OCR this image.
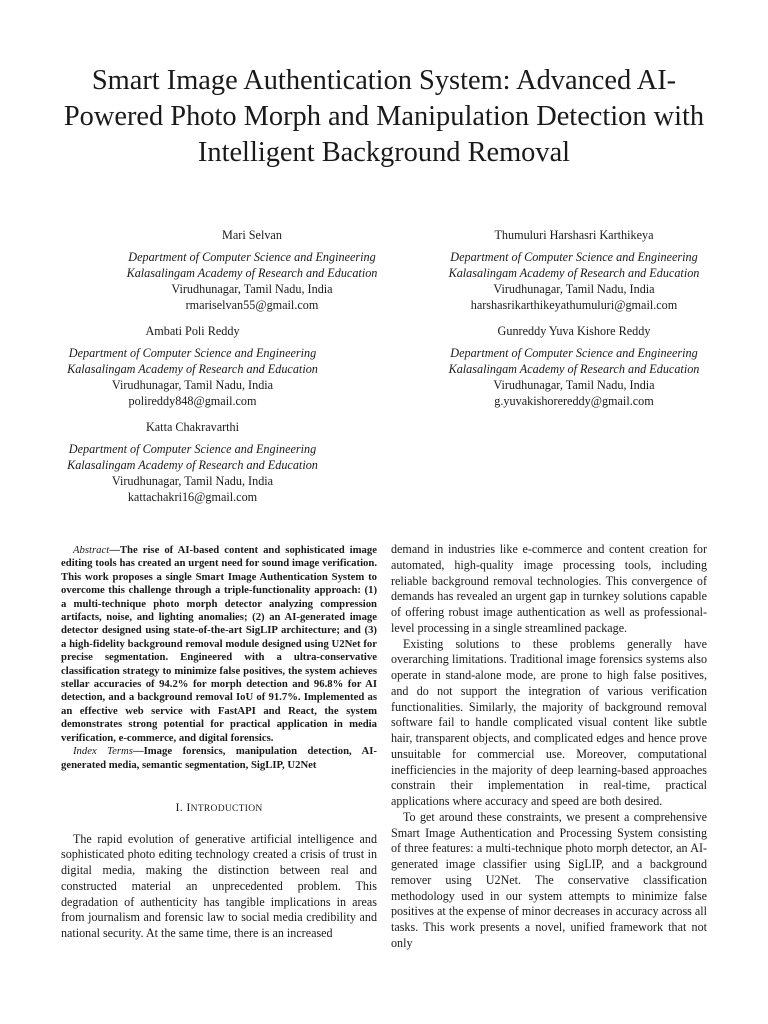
Smart Image Authentication System: Advanced AI-Powered Photo Morph and Manipulation Detection with Intelligent Background Removal
Mari Selvan
Department of Computer Science and Engineering
Kalasalingam Academy of Research and Education
Virudhunagar, Tamil Nadu, India
rmariselvan55@gmail.com
Thumuluri Harshasri Karthikeya
Department of Computer Science and Engineering
Kalasalingam Academy of Research and Education
Virudhunagar, Tamil Nadu, India
harshasrikarthikeyathumuluri@gmail.com
Ambati Poli Reddy
Department of Computer Science and Engineering
Kalasalingam Academy of Research and Education
Virudhunagar, Tamil Nadu, India
polireddy848@gmail.com
Gunreddy Yuva Kishore Reddy
Department of Computer Science and Engineering
Kalasalingam Academy of Research and Education
Virudhunagar, Tamil Nadu, India
g.yuvakishorereddy@gmail.com
Katta Chakravarthi
Department of Computer Science and Engineering
Kalasalingam Academy of Research and Education
Virudhunagar, Tamil Nadu, India
kattachakri16@gmail.com

Abstract—The rise of AI-based content and sophisticated image editing tools has created an urgent need for sound image verification. This work proposes a single Smart Image Authentication System to overcome this challenge through a triple-functionality approach: (1) a multi-technique photo morph detector analyzing compression artifacts, noise, and lighting anomalies; (2) an AI-generated image detector designed using state-of-the-art SigLIP architecture; and (3) a high-fidelity background removal module designed using U2Net for precise segmentation. Engineered with a ultra-conservative classification strategy to minimize false positives, the system achieves stellar accuracies of 94.2% for morph detection and 96.8% for AI detection, and a background removal IoU of 91.7%. Implemented as an effective web service with FastAPI and React, the system demonstrates strong potential for practical application in media verification, e-commerce, and digital forensics.

Index Terms—Image forensics, manipulation detection, AI-generated media, semantic segmentation, SigLIP, U2Net

I. INTRODUCTION

The rapid evolution of generative artificial intelligence and sophisticated photo editing technology created a crisis of trust in digital media, making the distinction between real and constructed material an unprecedented problem. This degradation of authenticity has tangible implications in areas from journalism and forensic law to social media credibility and national security. At the same time, there is an increased

demand in industries like e-commerce and content creation for automated, high-quality image processing tools, including reliable background removal technologies. This convergence of demands has revealed an urgent gap in turnkey solutions capable of offering robust image authentication as well as professional-level processing in a single streamlined package.

Existing solutions to these problems generally have overarching limitations. Traditional image forensics systems also operate in stand-alone mode, are prone to high false positives, and do not support the integration of various verification functionalities. Similarly, the majority of background removal software fail to handle complicated visual content like subtle hair, transparent objects, and complicated edges and hence prove unsuitable for commercial use. Moreover, computational inefficiencies in the majority of deep learning-based approaches constrain their implementation in real-time, practical applications where accuracy and speed are both desired.

To get around these constraints, we present a comprehensive Smart Image Authentication and Processing System consisting of three features: a multi-technique photo morph detector, an AI-generated image classifier using SigLIP, and a background remover using U2Net. The conservative classification methodology used in our system attempts to minimize false positives at the expense of minor decreases in accuracy across all tasks. This work presents a novel, unified framework that not only
